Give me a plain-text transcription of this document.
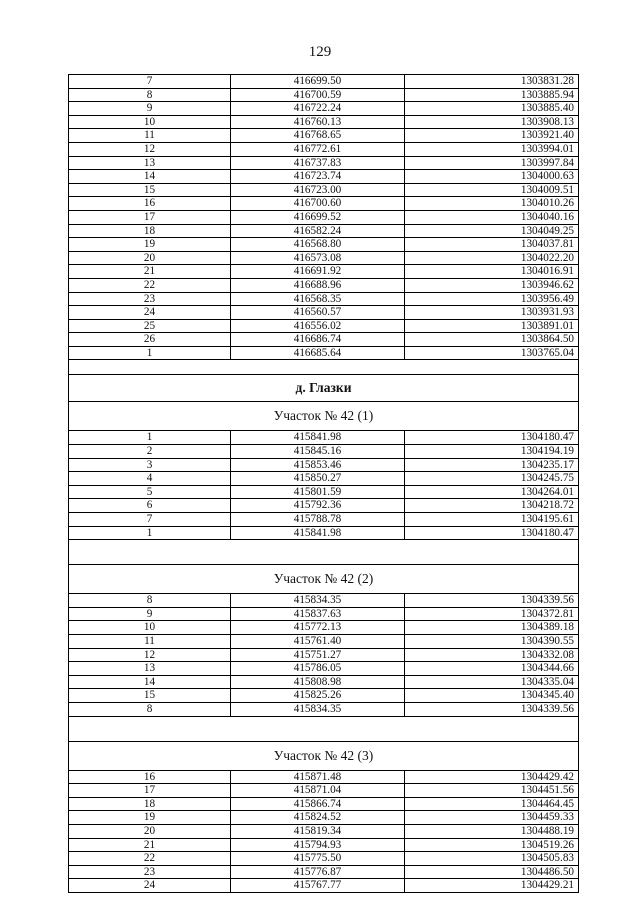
129
7	416699.50	1303831.28
8	416700.59	1303885.94
9	416722.24	1303885.40
10	416760.13	1303908.13
11	416768.65	1303921.40
12	416772.61	1303994.01
13	416737.83	1303997.84
14	416723.74	1304000.63
15	416723.00	1304009.51
16	416700.60	1304010.26
17	416699.52	1304040.16
18	416582.24	1304049.25
19	416568.80	1304037.81
20	416573.08	1304022.20
21	416691.92	1304016.91
22	416688.96	1303946.62
23	416568.35	1303956.49
24	416560.57	1303931.93
25	416556.02	1303891.01
26	416686.74	1303864.50
1	416685.64	1303765.04

д. Глазки		
Участок № 42 (1)		
1	415841.98	1304180.47
2	415845.16	1304194.19
3	415853.46	1304235.17
4	415850.27	1304245.75
5	415801.59	1304264.01
6	415792.36	1304218.72
7	415788.78	1304195.61
1	415841.98	1304180.47

Участок № 42 (2)		
8	415834.35	1304339.56
9	415837.63	1304372.81
10	415772.13	1304389.18
11	415761.40	1304390.55
12	415751.27	1304332.08
13	415786.05	1304344.66
14	415808.98	1304335.04
15	415825.26	1304345.40
8	415834.35	1304339.56

Участок № 42 (3)		
16	415871.48	1304429.42
17	415871.04	1304451.56
18	415866.74	1304464.45
19	415824.52	1304459.33
20	415819.34	1304488.19
21	415794.93	1304519.26
22	415775.50	1304505.83
23	415776.87	1304486.50
24	415767.77	1304429.21
